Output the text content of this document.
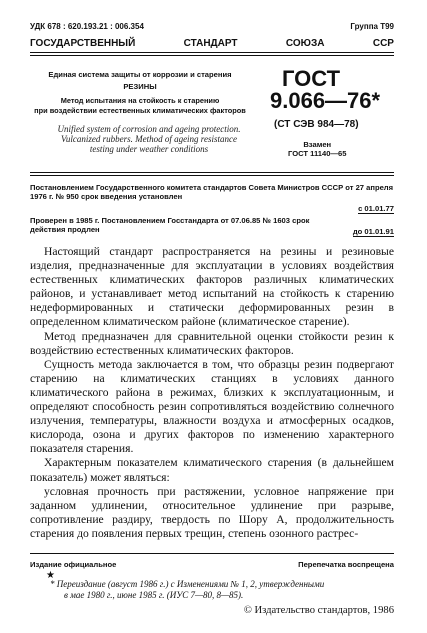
УДК 678 : 620.193.21 : 006.354	Группа Т99
ГОСУДАРСТВЕННЫЙ	СТАНДАРТ	СОЮЗА	ССР
Единая система защиты от коррозии и старения
РЕЗИНЫ
Метод испытания на стойкость к старению
при воздействии естественных климатических факторов
Unified system of corrosion and ageing protection.
Vulcanized rubbers. Method of ageing resistance
testing under weather conditions
ГОСТ
9.066—76*
(СТ СЭВ 984—78)
Взамен
ГОСТ 11140—65
Постановлением Государственного комитета стандартов Совета Министров СССР от 27 апреля 1976 г. № 950 срок введения установлен
с 01.01.77
Проверен в 1985 г. Постановлением Госстандарта от 07.06.85 № 1603 срок действия продлен	до 01.01.91

Настоящий стандарт распространяется на резины и резиновые изделия, предназначенные для эксплуатации в условиях воздействия естественных климатических факторов различных климатических районов, и устанавливает метод испытаний на стойкость к старению недеформированных и статически деформированных резин в определенном климатическом районе (климатическое старение).

Метод предназначен для сравнительной оценки стойкости резин к воздействию естественных климатических факторов.

Сущность метода заключается в том, что образцы резин подвергают старению на климатических станциях в условиях данного климатического района в режимах, близких к эксплуатационным, и определяют способность резин сопротивляться воздействию солнечного излучения, температуры, влажности воздуха и атмосферных осадков, кислорода, озона и других факторов по изменению характерного показателя старения.

Характерным показателем климатического старения (в дальнейшем показатель) может являться:

условная прочность при растяжении, условное напряжение при заданном удлинении, относительное удлинение при разрыве, сопротивление раздиру, твердость по Шору А, продолжительность старения до появления первых трещин, степень озонного растрес-

Издание официальное	Перепечатка воспрещена
★
* Переиздание (август 1986 г.) с Изменениями № 1, 2, утвержденными
в мае 1980 г., июне 1985 г. (ИУС 7—80, 8—85).
© Издательство стандартов, 1986
